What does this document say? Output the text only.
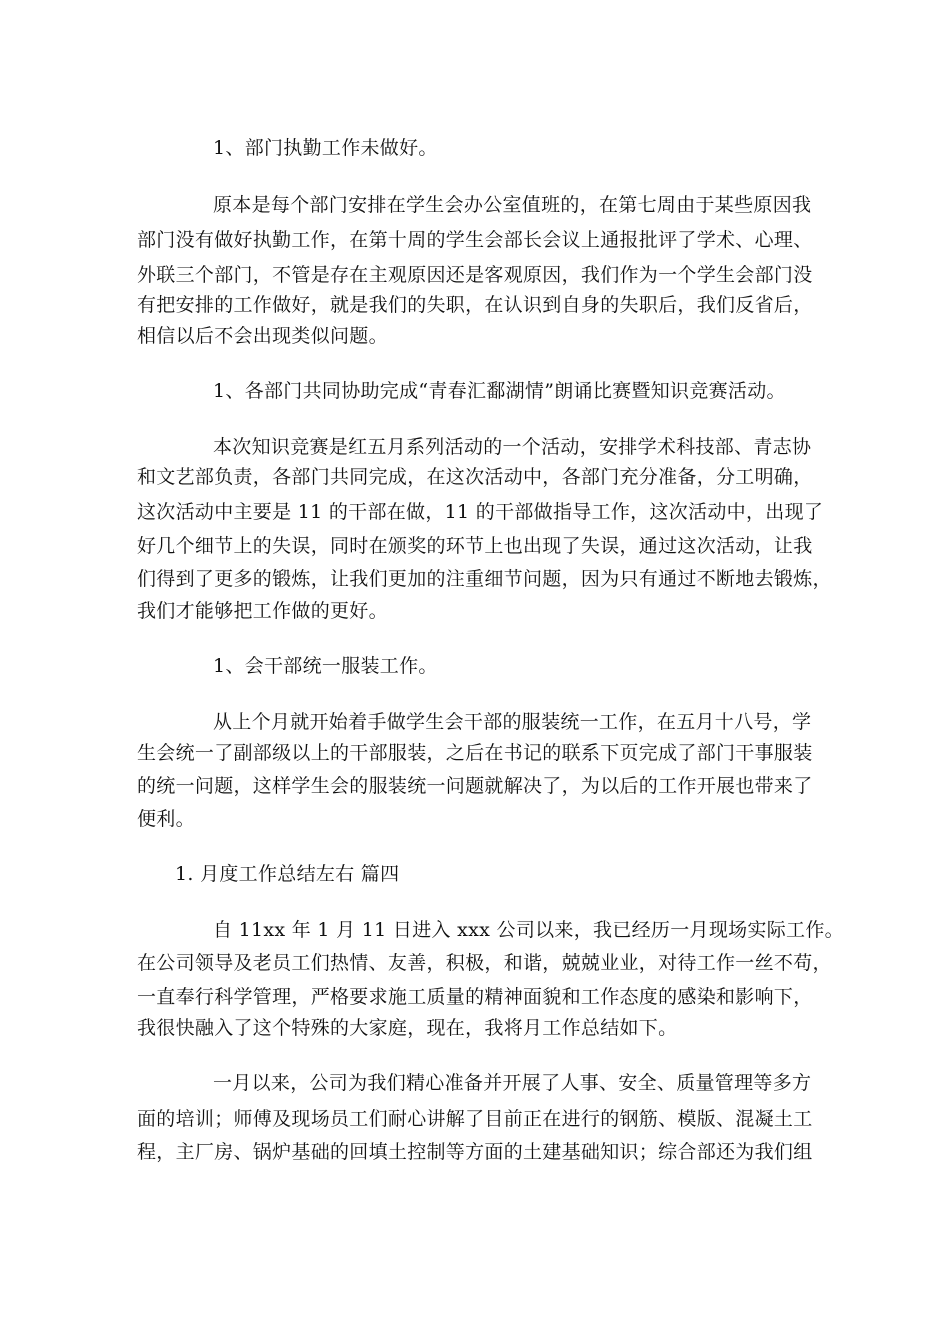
1、部门执勤工作未做好。
原本是每个部门安排在学生会办公室值班的，在第七周由于某些原因我
部门没有做好执勤工作，在第十周的学生会部长会议上通报批评了学术、心理、
外联三个部门，不管是存在主观原因还是客观原因，我们作为一个学生会部门没
有把安排的工作做好，就是我们的失职，在认识到自身的失职后，我们反省后，
相信以后不会出现类似问题。
1、各部门共同协助完成“青春汇鄱湖情”朗诵比赛暨知识竞赛活动。
本次知识竞赛是红五月系列活动的一个活动，安排学术科技部、青志协
和文艺部负责，各部门共同完成，在这次活动中，各部门充分准备，分工明确，
这次活动中主要是 11 的干部在做，11 的干部做指导工作，这次活动中，出现了
好几个细节上的失误，同时在颁奖的环节上也出现了失误，通过这次活动，让我
们得到了更多的锻炼，让我们更加的注重细节问题，因为只有通过不断地去锻炼，
我们才能够把工作做的更好。
1、会干部统一服装工作。
从上个月就开始着手做学生会干部的服装统一工作，在五月十八号，学
生会统一了副部级以上的干部服装，之后在书记的联系下页完成了部门干事服装
的统一问题，这样学生会的服装统一问题就解决了，为以后的工作开展也带来了
便利。
1. 月度工作总结左右 篇四
自 11xx 年 1 月 11 日进入 xxx 公司以来，我已经历一月现场实际工作。
在公司领导及老员工们热情、友善，积极，和谐，兢兢业业，对待工作一丝不苟，
一直奉行科学管理，严格要求施工质量的精神面貌和工作态度的感染和影响下，
我很快融入了这个特殊的大家庭，现在，我将月工作总结如下。
一月以来，公司为我们精心准备并开展了人事、安全、质量管理等多方
面的培训；师傅及现场员工们耐心讲解了目前正在进行的钢筋、模版、混凝土工
程，主厂房、锅炉基础的回填土控制等方面的土建基础知识；综合部还为我们组
